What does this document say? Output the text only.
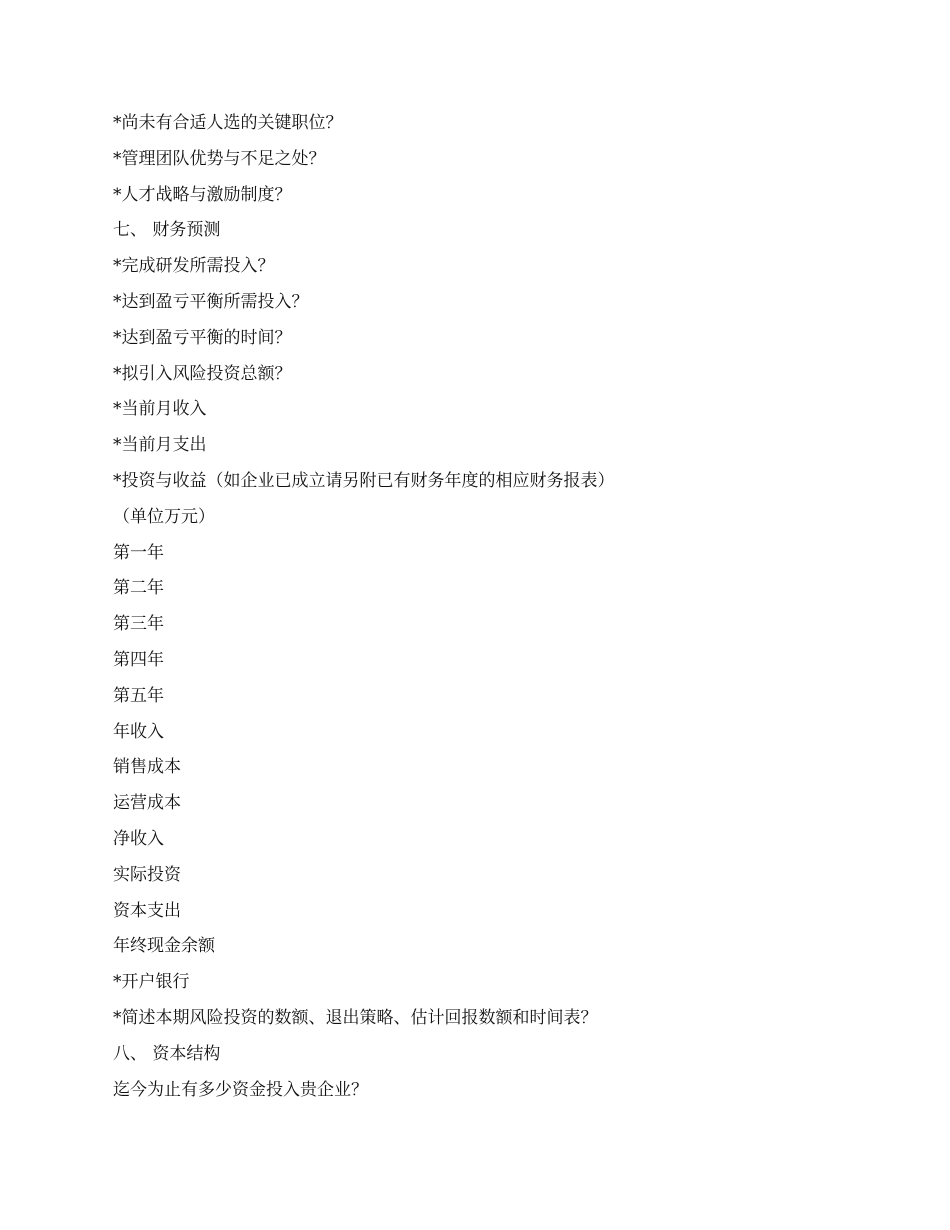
*尚未有合适人选的关键职位？
*管理团队优势与不足之处？
*人才战略与激励制度？
七、 财务预测
*完成研发所需投入？
*达到盈亏平衡所需投入？
*达到盈亏平衡的时间？
*拟引入风险投资总额？
*当前月收入
*当前月支出
*投资与收益（如企业已成立请另附已有财务年度的相应财务报表）
（单位万元）
第一年
第二年
第三年
第四年
第五年
年收入
销售成本
运营成本
净收入
实际投资
资本支出
年终现金余额
*开户银行
*简述本期风险投资的数额、退出策略、估计回报数额和时间表？
八、 资本结构
迄今为止有多少资金投入贵企业？
